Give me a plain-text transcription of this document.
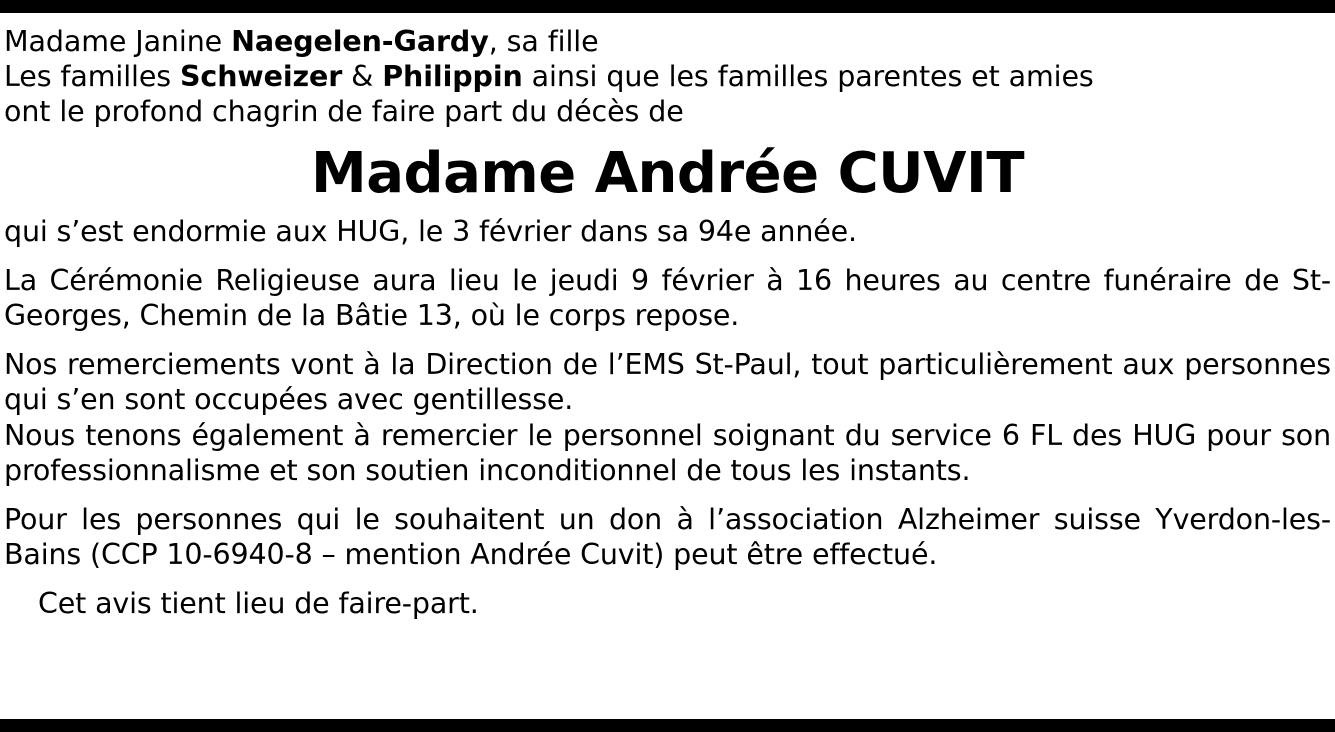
Madame Janine Naegelen-Gardy, sa fille
Les familles Schweizer & Philippin ainsi que les familles parentes et amies
ont le profond chagrin de faire part du décès de
Madame Andrée CUVIT

qui s’est endormie aux HUG, le 3 février dans sa 94e année.

La Cérémonie Religieuse aura lieu le jeudi 9 février à 16 heures au centre funéraire de St-Georges, Chemin de la Bâtie 13, où le corps repose.

Nos remerciements vont à la Direction de l’EMS St-Paul, tout particulièrement aux personnes qui s’en sont occupées avec gentillesse.

Nous tenons également à remercier le personnel soignant du service 6 FL des HUG pour son professionnalisme et son soutien inconditionnel de tous les instants.

Pour les personnes qui le souhaitent un don à l’association Alzheimer suisse Yverdon-les-Bains (CCP 10-6940-8 – mention Andrée Cuvit) peut être effectué.

Cet avis tient lieu de faire-part.
